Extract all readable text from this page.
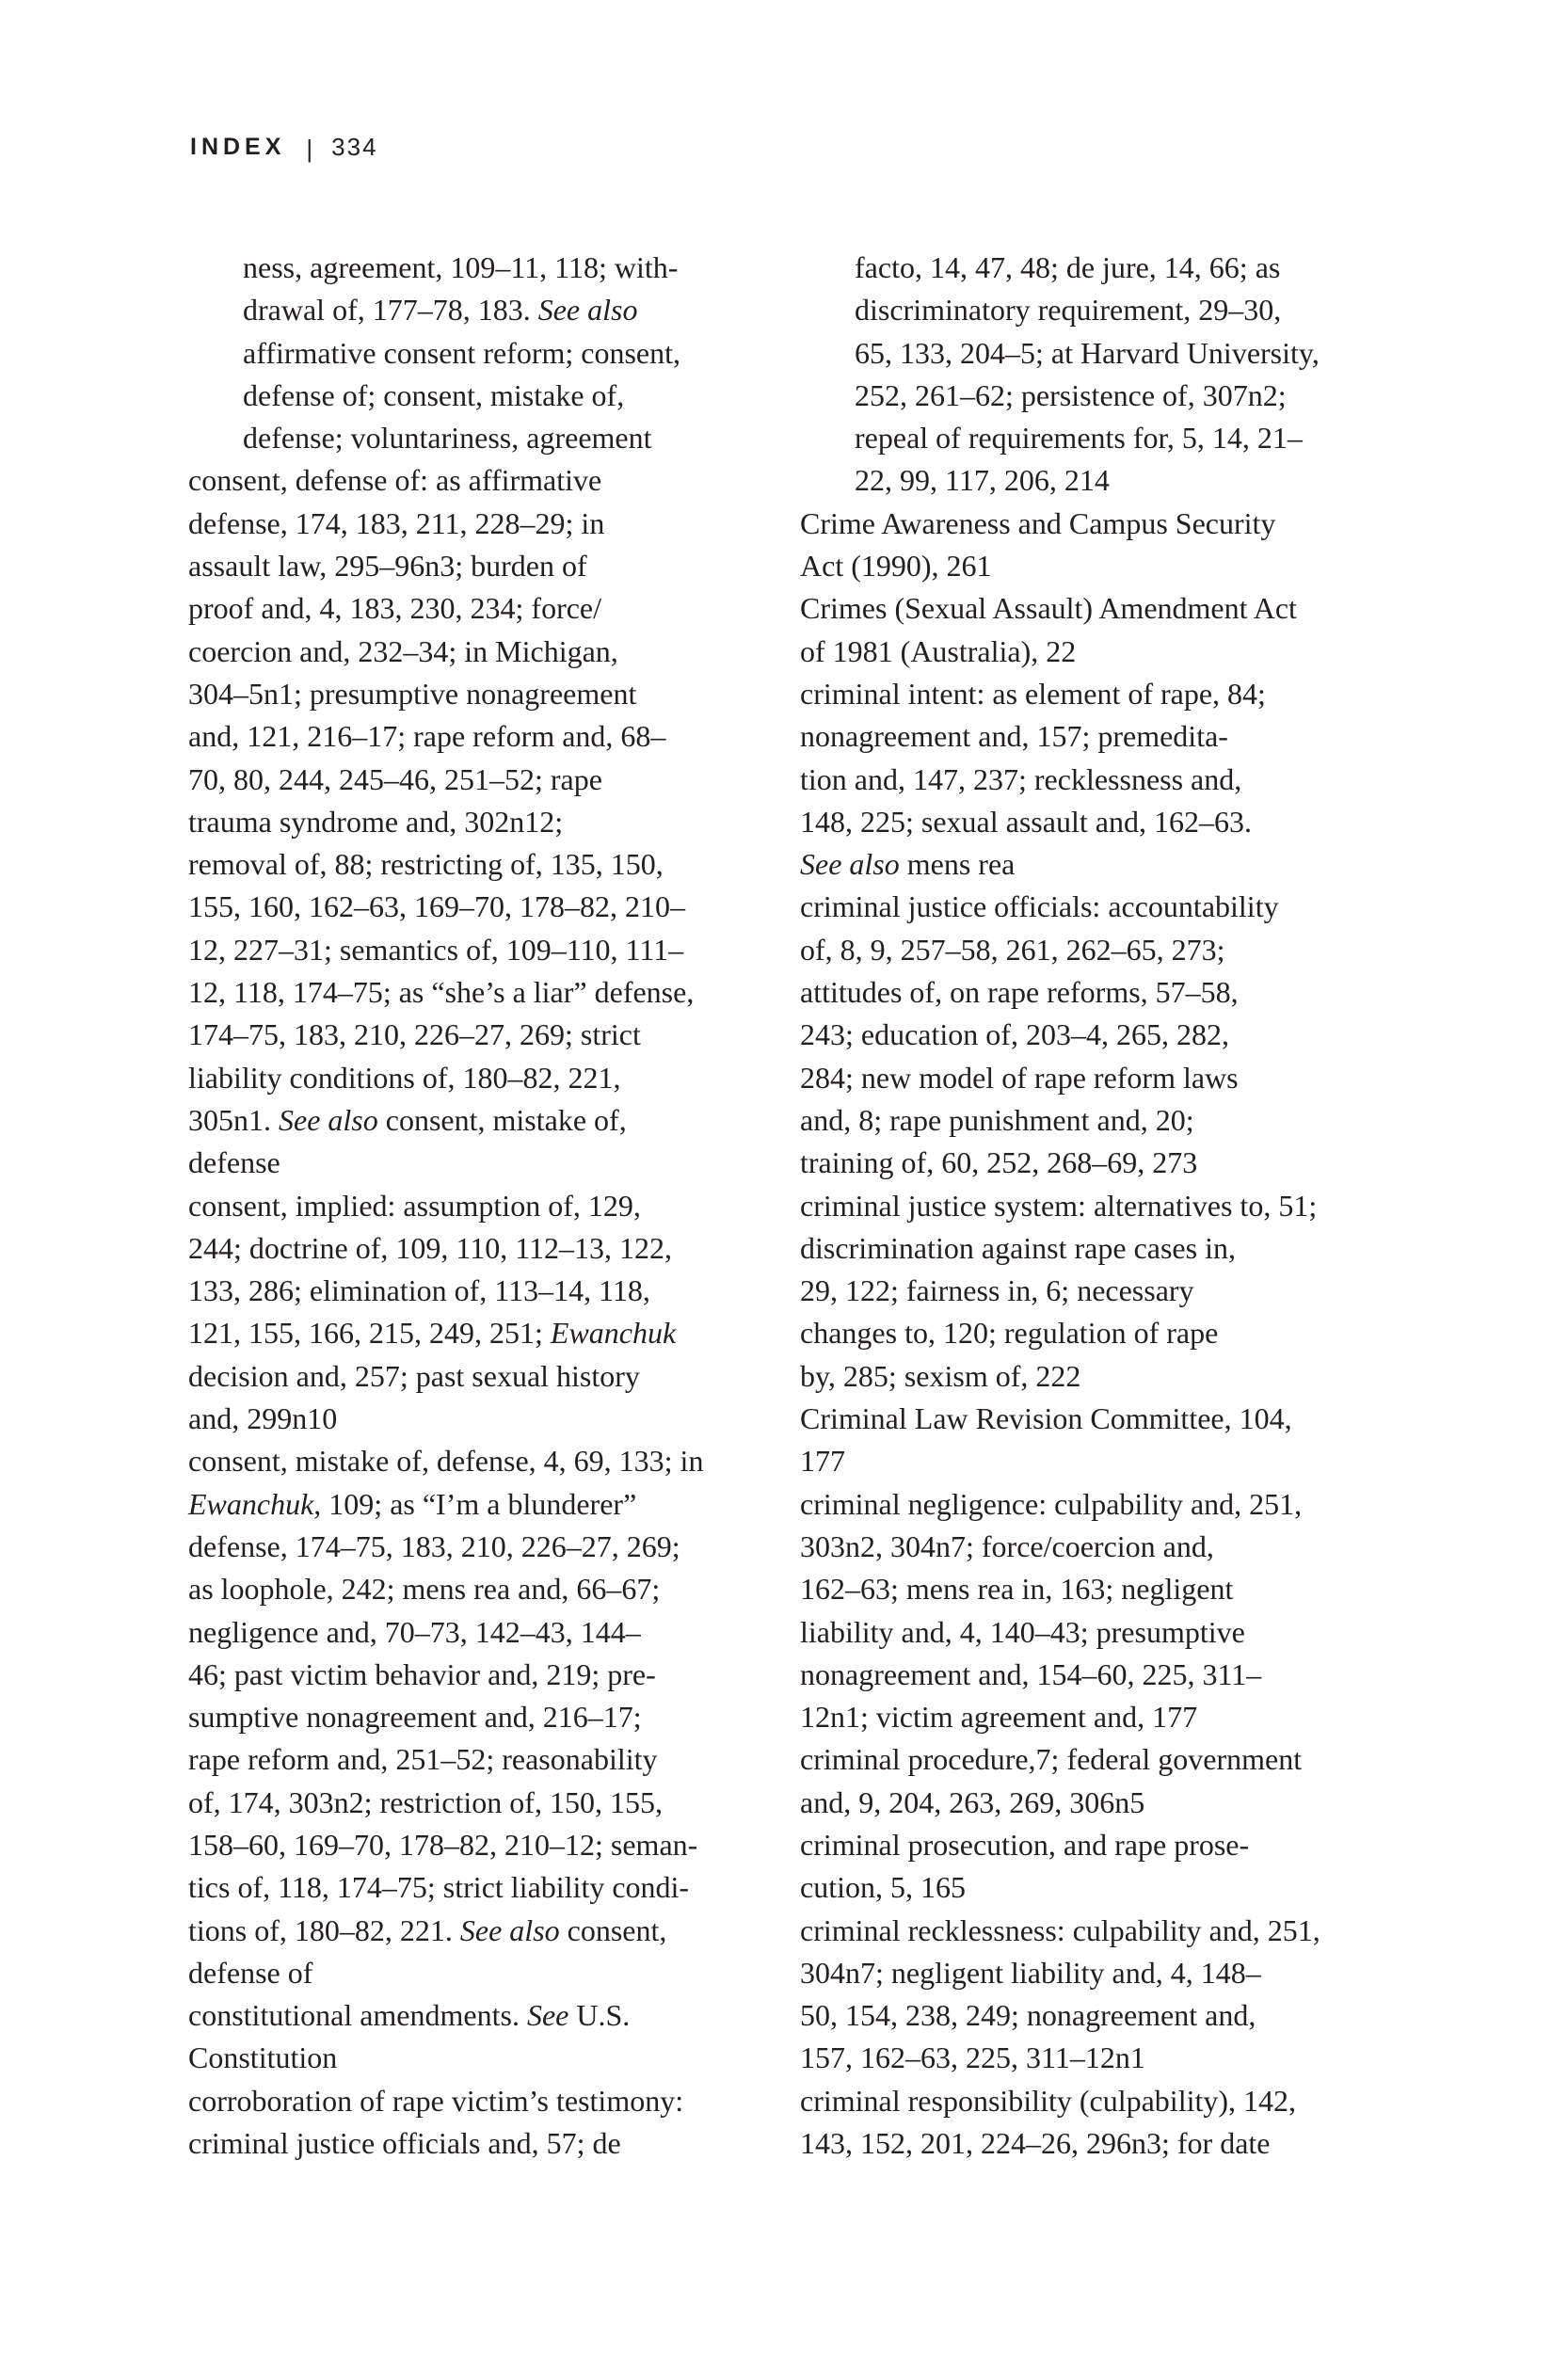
INDEX | 334
ness, agreement, 109–11, 118; with-
drawal of, 177–78, 183. See also
affirmative consent reform; consent,
defense of; consent, mistake of,
defense; voluntariness, agreement
consent, defense of: as affirmative
defense, 174, 183, 211, 228–29; in
assault law, 295–96n3; burden of
proof and, 4, 183, 230, 234; force/
coercion and, 232–34; in Michigan,
304–5n1; presumptive nonagreement
and, 121, 216–17; rape reform and, 68–
70, 80, 244, 245–46, 251–52; rape
trauma syndrome and, 302n12;
removal of, 88; restricting of, 135, 150,
155, 160, 162–63, 169–70, 178–82, 210–
12, 227–31; semantics of, 109–110, 111–
12, 118, 174–75; as “she’s a liar” defense,
174–75, 183, 210, 226–27, 269; strict
liability conditions of, 180–82, 221,
305n1. See also consent, mistake of,
defense
consent, implied: assumption of, 129,
244; doctrine of, 109, 110, 112–13, 122,
133, 286; elimination of, 113–14, 118,
121, 155, 166, 215, 249, 251; Ewanchuk
decision and, 257; past sexual history
and, 299n10
consent, mistake of, defense, 4, 69, 133; in
Ewanchuk, 109; as “I’m a blunderer”
defense, 174–75, 183, 210, 226–27, 269;
as loophole, 242; mens rea and, 66–67;
negligence and, 70–73, 142–43, 144–
46; past victim behavior and, 219; pre-
sumptive nonagreement and, 216–17;
rape reform and, 251–52; reasonability
of, 174, 303n2; restriction of, 150, 155,
158–60, 169–70, 178–82, 210–12; seman-
tics of, 118, 174–75; strict liability condi-
tions of, 180–82, 221. See also consent,
defense of
constitutional amendments. See U.S.
Constitution
corroboration of rape victim’s testimony:
criminal justice officials and, 57; de
facto, 14, 47, 48; de jure, 14, 66; as
discriminatory requirement, 29–30,
65, 133, 204–5; at Harvard University,
252, 261–62; persistence of, 307n2;
repeal of requirements for, 5, 14, 21–
22, 99, 117, 206, 214
Crime Awareness and Campus Security
Act (1990), 261
Crimes (Sexual Assault) Amendment Act
of 1981 (Australia), 22
criminal intent: as element of rape, 84;
nonagreement and, 157; premedita-
tion and, 147, 237; recklessness and,
148, 225; sexual assault and, 162–63.
See also mens rea
criminal justice officials: accountability
of, 8, 9, 257–58, 261, 262–65, 273;
attitudes of, on rape reforms, 57–58,
243; education of, 203–4, 265, 282,
284; new model of rape reform laws
and, 8; rape punishment and, 20;
training of, 60, 252, 268–69, 273
criminal justice system: alternatives to, 51;
discrimination against rape cases in,
29, 122; fairness in, 6; necessary
changes to, 120; regulation of rape
by, 285; sexism of, 222
Criminal Law Revision Committee, 104,
177
criminal negligence: culpability and, 251,
303n2, 304n7; force/coercion and,
162–63; mens rea in, 163; negligent
liability and, 4, 140–43; presumptive
nonagreement and, 154–60, 225, 311–
12n1; victim agreement and, 177
criminal procedure,7; federal government
and, 9, 204, 263, 269, 306n5
criminal prosecution, and rape prose-
cution, 5, 165
criminal recklessness: culpability and, 251,
304n7; negligent liability and, 4, 148–
50, 154, 238, 249; nonagreement and,
157, 162–63, 225, 311–12n1
criminal responsibility (culpability), 142,
143, 152, 201, 224–26, 296n3; for date
